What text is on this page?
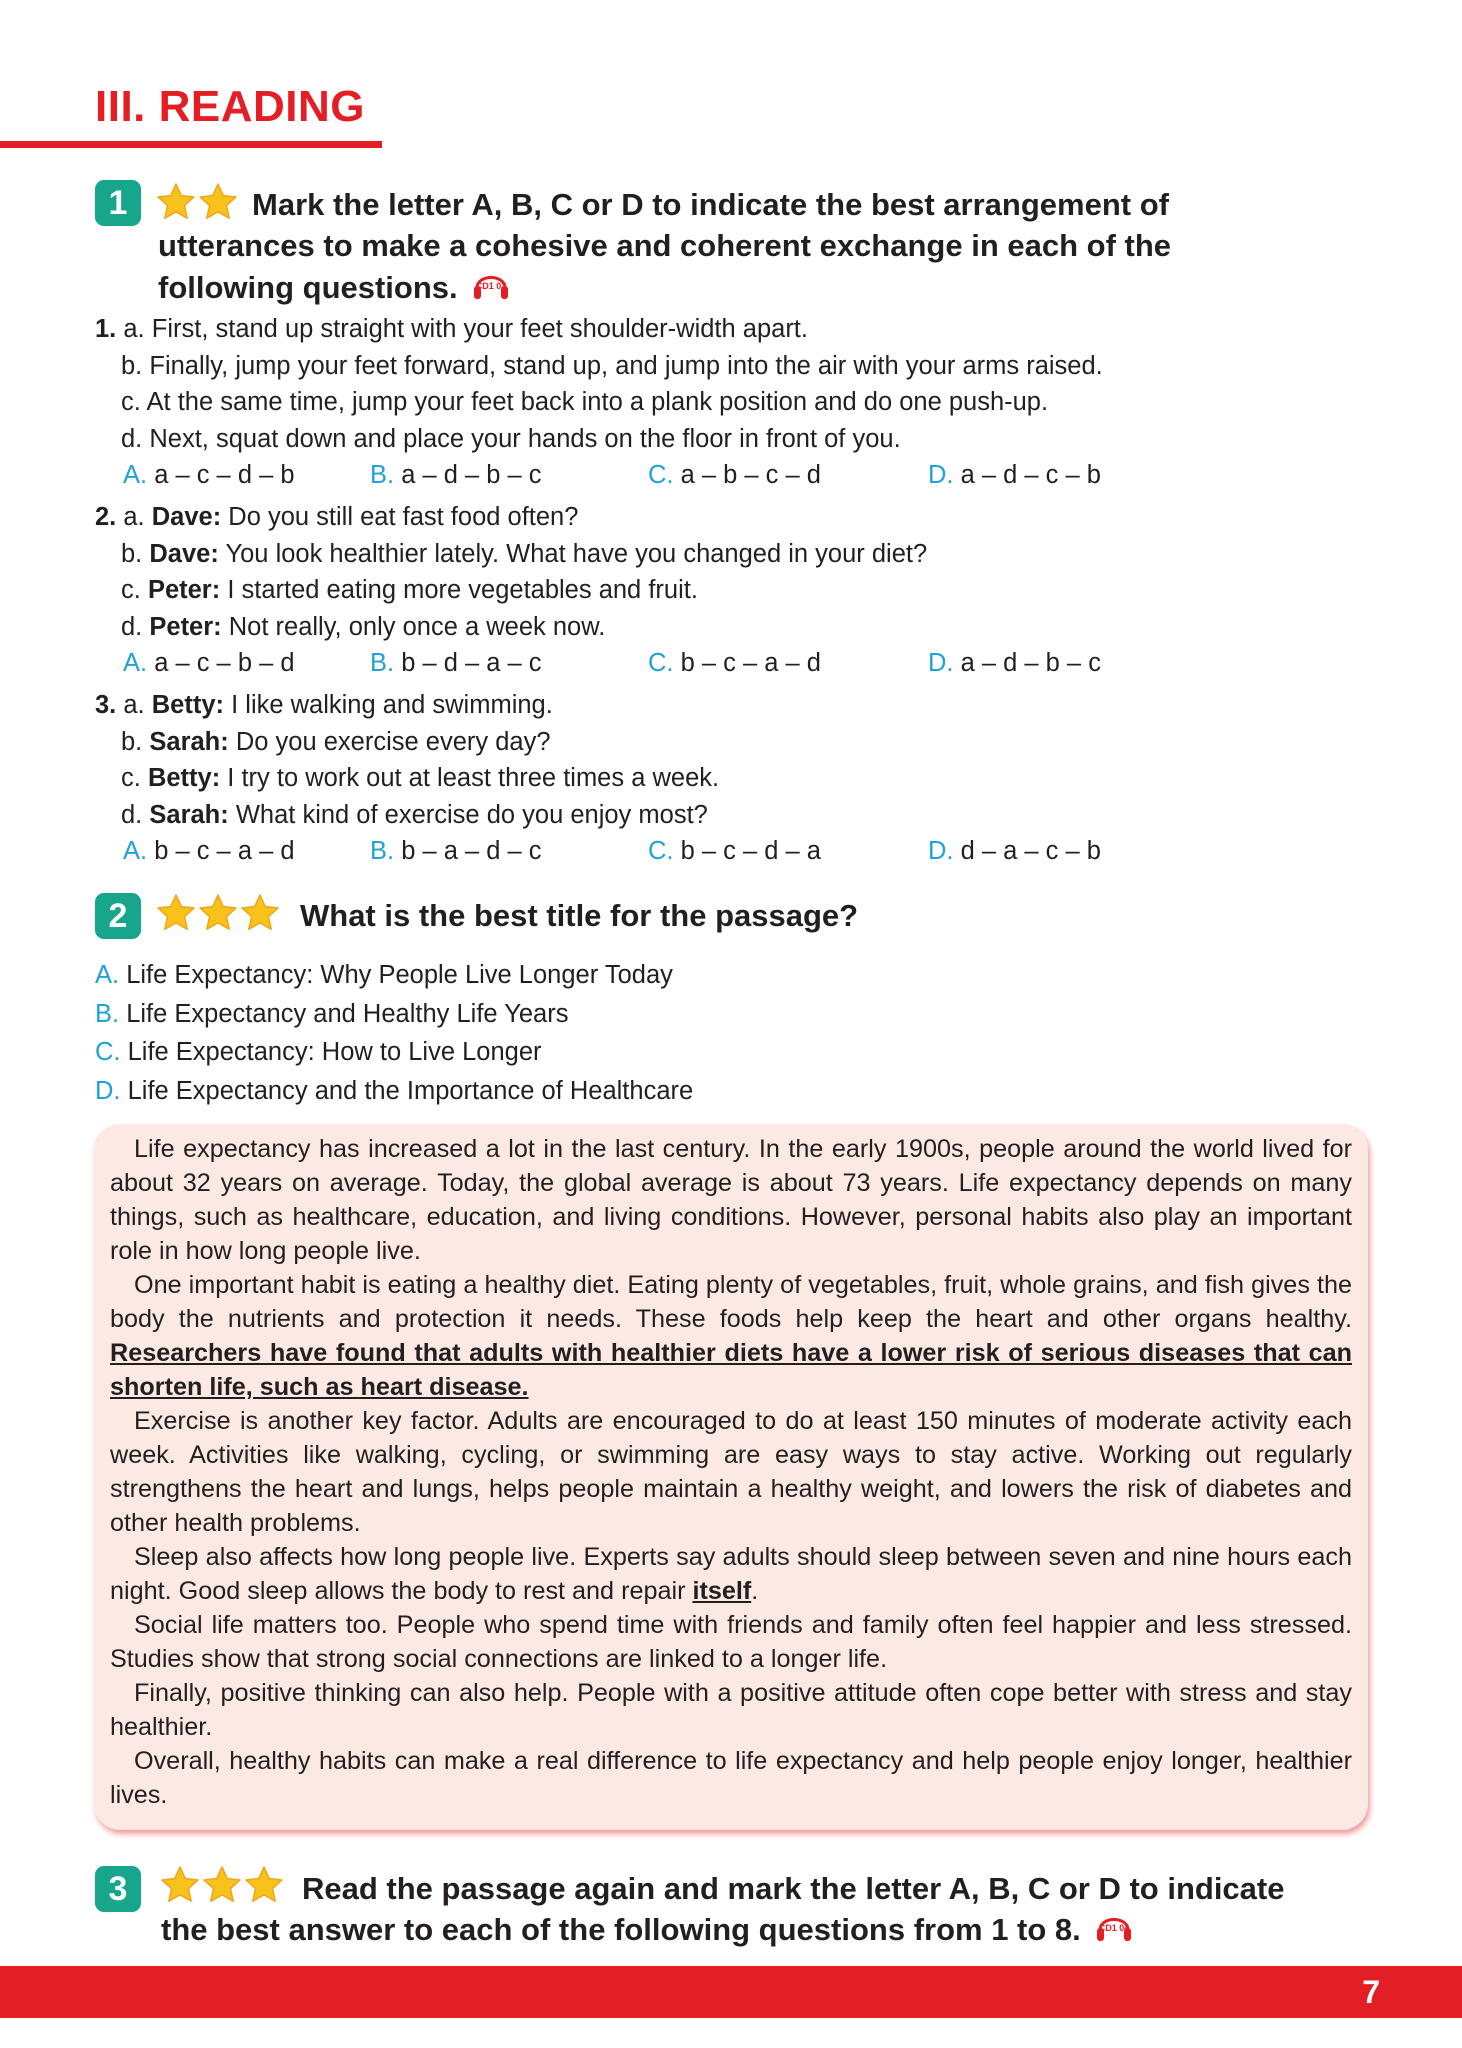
III. READING
1	Mark the letter A, B, C or D to indicate the best arrangement of
utterances to make a cohesive and coherent exchange in each of the
following questions. CD1 03
1. a. First, stand up straight with your feet shoulder-width apart.
b. Finally, jump your feet forward, stand up, and jump into the air with your arms raised.
c. At the same time, jump your feet back into a plank position and do one push-up.
d. Next, squat down and place your hands on the floor in front of you.
A. a – c – d – b	B. a – d – b – c	C. a – b – c – d	D. a – d – c – b
2. a. Dave: Do you still eat fast food often?
b. Dave: You look healthier lately. What have you changed in your diet?
c. Peter: I started eating more vegetables and fruit.
d. Peter: Not really, only once a week now.
A. a – c – b – d	B. b – d – a – c	C. b – c – a – d	D. a – d – b – c
3. a. Betty: I like walking and swimming.
b. Sarah: Do you exercise every day?
c. Betty: I try to work out at least three times a week.
d. Sarah: What kind of exercise do you enjoy most?
A. b – c – a – d	B. b – a – d – c	C. b – c – d – a	D. d – a – c – b
2	What is the best title for the passage?
A. Life Expectancy: Why People Live Longer Today
B. Life Expectancy and Healthy Life Years
C. Life Expectancy: How to Live Longer
D. Life Expectancy and the Importance of Healthcare

Life expectancy has increased a lot in the last century. In the early 1900s, people around the world lived for about 32 years on average. Today, the global average is about 73 years. Life expectancy depends on many things, such as healthcare, education, and living conditions. However, personal habits also play an important role in how long people live.

One important habit is eating a healthy diet. Eating plenty of vegetables, fruit, whole grains, and fish gives the body the nutrients and protection it needs. These foods help keep the heart and other organs healthy. Researchers have found that adults with healthier diets have a lower risk of serious diseases that can shorten life, such as heart disease.

Exercise is another key factor. Adults are encouraged to do at least 150 minutes of moderate activity each week. Activities like walking, cycling, or swimming are easy ways to stay active. Working out regularly strengthens the heart and lungs, helps people maintain a healthy weight, and lowers the risk of diabetes and other health problems.

Sleep also affects how long people live. Experts say adults should sleep between seven and nine hours each night. Good sleep allows the body to rest and repair itself.

Social life matters too. People who spend time with friends and family often feel happier and less stressed. Studies show that strong social connections are linked to a longer life.

Finally, positive thinking can also help. People with a positive attitude often cope better with stress and stay healthier.

Overall, healthy habits can make a real difference to life expectancy and help people enjoy longer, healthier lives.

3	Read the passage again and mark the letter A, B, C or D to indicate
the best answer to each of the following questions from 1 to 8. CD1 04
7
